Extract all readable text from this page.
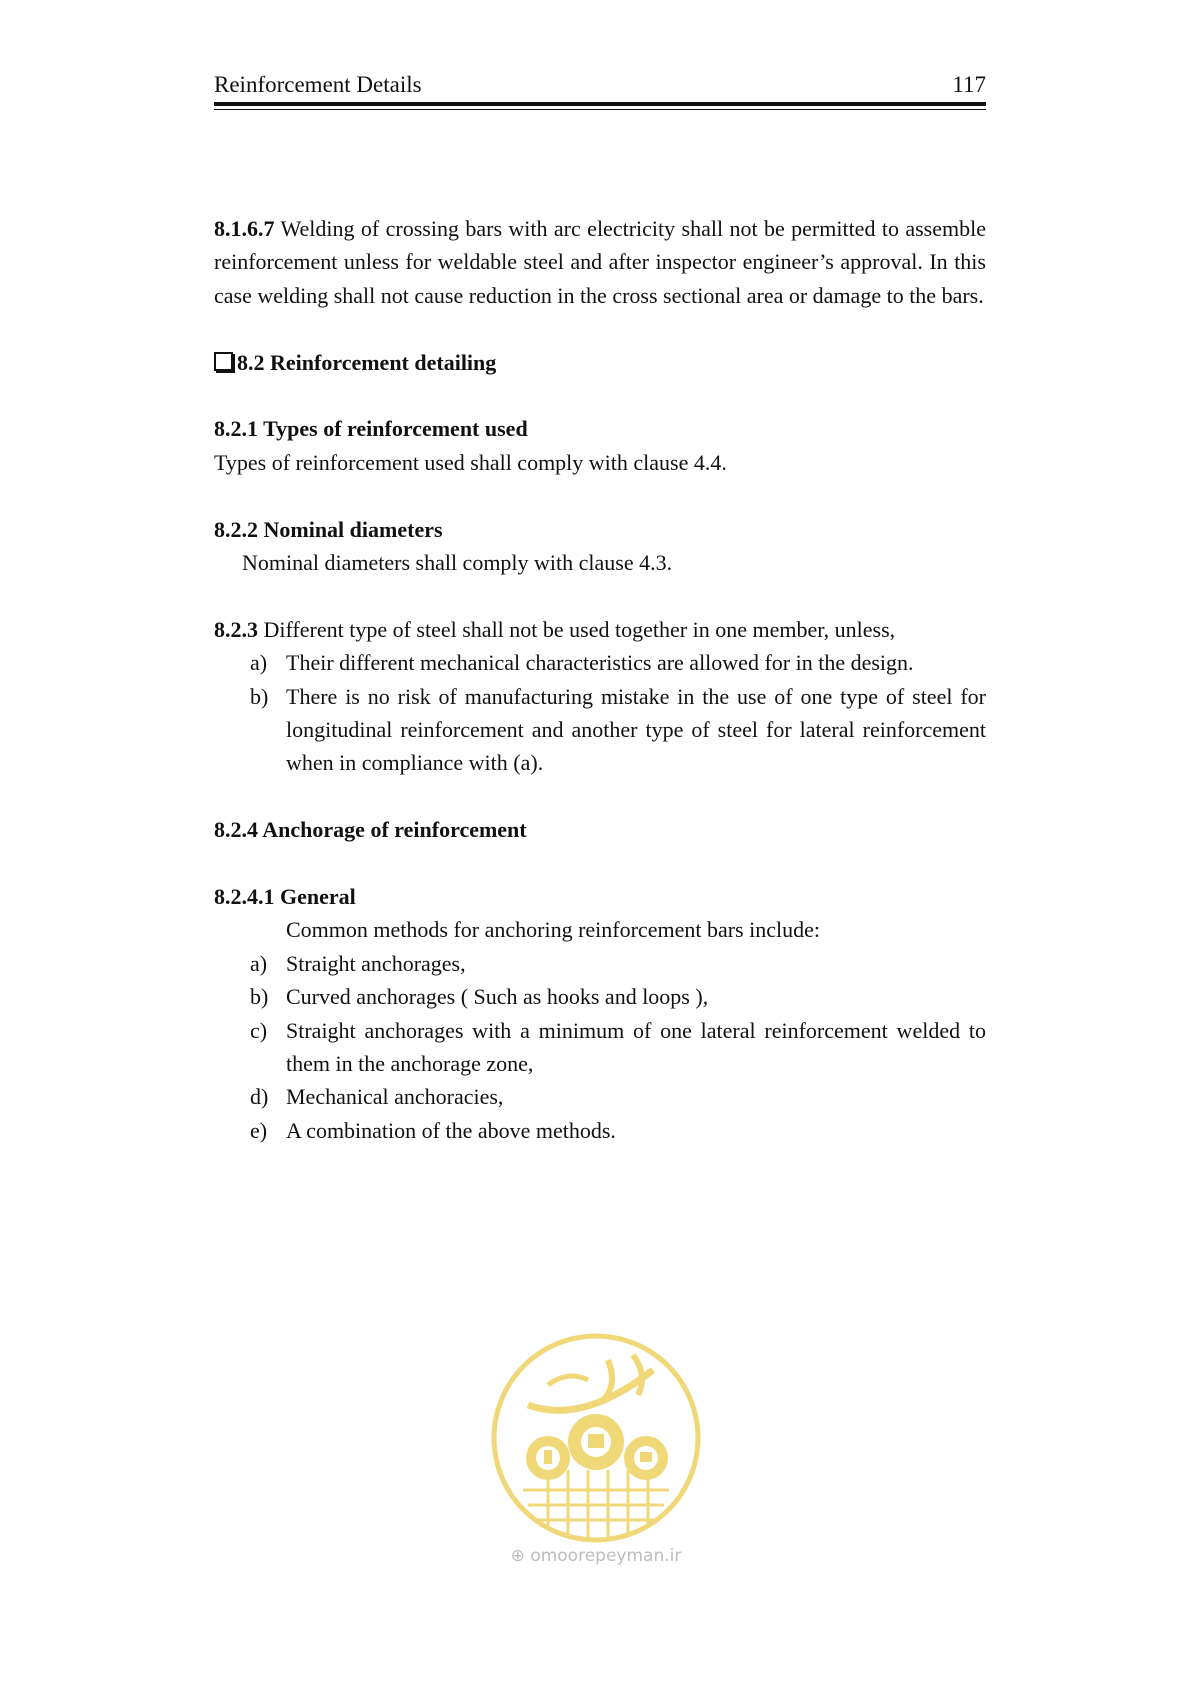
Reinforcement Details	117

8.1.6.7 Welding of crossing bars with arc electricity shall not be permitted to assemble reinforcement unless for weldable steel and after inspector engineer’s approval. In this case welding shall not cause reduction in the cross sectional area or damage to the bars.

8.2 Reinforcement detailing

8.2.1 Types of reinforcement used

Types of reinforcement used shall comply with clause 4.4.

8.2.2 Nominal diameters

Nominal diameters shall comply with clause 4.3.

8.2.3 Different type of steel shall not be used together in one member, unless,

a) Their different mechanical characteristics are allowed for in the design.
b) There is no risk of manufacturing mistake in the use of one type of steel for longitudinal reinforcement and another type of steel for lateral reinforcement when in compliance with (a).

8.2.4 Anchorage of reinforcement

8.2.4.1 General

Common methods for anchoring reinforcement bars include:

a) Straight anchorages,
b) Curved anchorages ( Such as hooks and loops ),
c) Straight anchorages with a minimum of one lateral reinforcement welded to them in the anchorage zone,
d) Mechanical anchoracies,
e) A combination of the above methods.
⊕ omoorepeyman.ir
